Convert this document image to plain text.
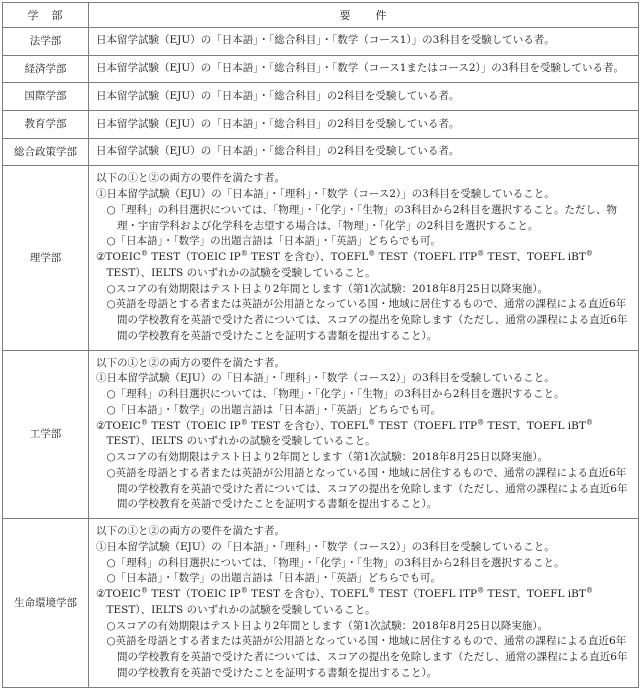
学　部	要　　件
法学部	日本留学試験（EJU）の「日本語」・「総合科目」・「数学（コース1）」の3科目を受験している者。

経済学部	日本留学試験（EJU）の「日本語」・「総合科目」・「数学（コース1またはコース2）」の3科目を受験している者。

国際学部	日本留学試験（EJU）の「日本語」・「総合科目」の2科目を受験している者。

教育学部	日本留学試験（EJU）の「日本語」・「総合科目」の2科目を受験している者。

総合政策学部	日本留学試験（EJU）の「日本語」・「総合科目」の2科目を受験している者。

理学部	
以下の①と②の両方の要件を満たす者。
①日本留学試験（EJU）の「日本語」・「理科」・「数学（コース2）」の3科目を受験していること。
○「理科」の科目選択については、「物理」・「化学」・「生物」の3科目から2科目を選択すること。ただし、物理・宇宙学科および化学科を志望する場合は、「物理」・「化学」の2科目を選択すること。
○「日本語」・「数学」の出題言語は「日本語」・「英語」どちらでも可。
②TOEIC® TEST（TOEIC IP® TEST を含む）、TOEFL® TEST（TOEFL ITP® TEST、TOEFL iBT® TEST）、IELTS のいずれかの試験を受験していること。
○スコアの有効期限はテスト日より2年間とします（第1次試験：2018年8月25日以降実施）。
○英語を母語とする者または英語が公用語となっている国・地域に居住するもので、通常の課程による直近6年間の学校教育を英語で受けた者については、スコアの提出を免除します（ただし、通常の課程による直近6年間の学校教育を英語で受けたことを証明する書類を提出すること）。

工学部	
以下の①と②の両方の要件を満たす者。
①日本留学試験（EJU）の「日本語」・「理科」・「数学（コース2）」の3科目を受験していること。
○「理科」の科目選択については、「物理」・「化学」・「生物」の3科目から2科目を選択すること。
○「日本語」・「数学」の出題言語は「日本語」・「英語」どちらでも可。
②TOEIC® TEST（TOEIC IP® TEST を含む）、TOEFL® TEST（TOEFL ITP® TEST、TOEFL iBT® TEST）、IELTS のいずれかの試験を受験していること。
○スコアの有効期限はテスト日より2年間とします（第1次試験：2018年8月25日以降実施）。
○英語を母語とする者または英語が公用語となっている国・地域に居住するもので、通常の課程による直近6年間の学校教育を英語で受けた者については、スコアの提出を免除します（ただし、通常の課程による直近6年間の学校教育を英語で受けたことを証明する書類を提出すること）。

生命環境学部	
以下の①と②の両方の要件を満たす者。
①日本留学試験（EJU）の「日本語」・「理科」・「数学（コース2）」の3科目を受験していること。
○「理科」の科目選択については、「物理」・「化学」・「生物」の3科目から2科目を選択すること。
○「日本語」・「数学」の出題言語は「日本語」・「英語」どちらでも可。
②TOEIC® TEST（TOEIC IP® TEST を含む）、TOEFL® TEST（TOEFL ITP® TEST、TOEFL iBT® TEST）、IELTS のいずれかの試験を受験していること。
○スコアの有効期限はテスト日より2年間とします（第1次試験：2018年8月25日以降実施）。
○英語を母語とする者または英語が公用語となっている国・地域に居住するもので、通常の課程による直近6年間の学校教育を英語で受けた者については、スコアの提出を免除します（ただし、通常の課程による直近6年間の学校教育を英語で受けたことを証明する書類を提出すること）。
